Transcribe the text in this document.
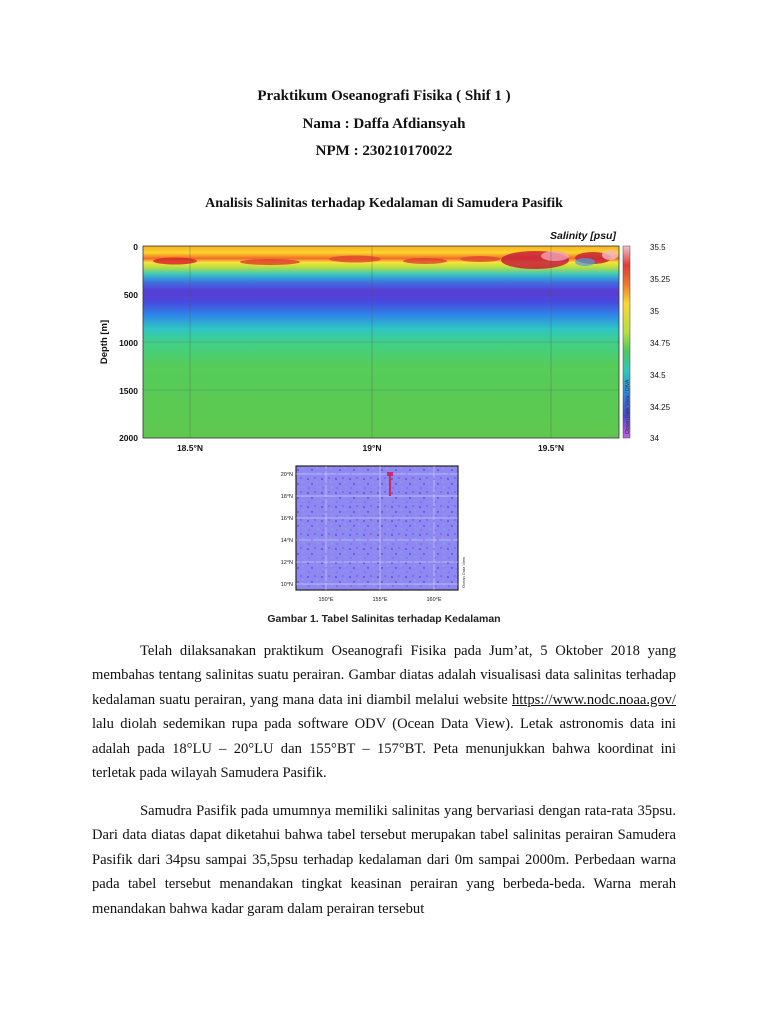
Praktikum Oseanografi Fisika ( Shif 1 )
Nama : Daffa Afdiansyah
NPM : 230210170022
Analisis Salinitas terhadap Kedalaman di Samudera Pasifik
0
500
1000
1500
2000
Depth [m]
18.5°N	19°N	19.5°N
Salinity [psu]
35.5
35.25
35
34.75
34.5
34.25
34
Ocean Data View / DIVA
20°N
18°N
16°N
14°N
12°N
10°N
150°E	155°E	160°E
Ocean Data View
Gambar 1. Tabel Salinitas terhadap Kedalaman

Telah dilaksanakan praktikum Oseanografi Fisika pada Jum’at, 5 Oktober 2018 yang membahas tentang salinitas suatu perairan. Gambar diatas adalah visualisasi data salinitas terhadap kedalaman suatu perairan, yang mana data ini diambil melalui website https://www.nodc.noaa.gov/ lalu diolah sedemikan rupa pada software ODV (Ocean Data View). Letak astronomis data ini adalah pada 18°LU – 20°LU dan 155°BT – 157°BT. Peta menunjukkan bahwa koordinat ini terletak pada wilayah Samudera Pasifik.

Samudra Pasifik pada umumnya memiliki salinitas yang bervariasi dengan rata-rata 35psu. Dari data diatas dapat diketahui bahwa tabel tersebut merupakan tabel salinitas perairan Samudera Pasifik dari 34psu sampai 35,5psu terhadap kedalaman dari 0m sampai 2000m. Perbedaan warna pada tabel tersebut menandakan tingkat keasinan perairan yang berbeda-beda. Warna merah menandakan bahwa kadar garam dalam perairan tersebut
